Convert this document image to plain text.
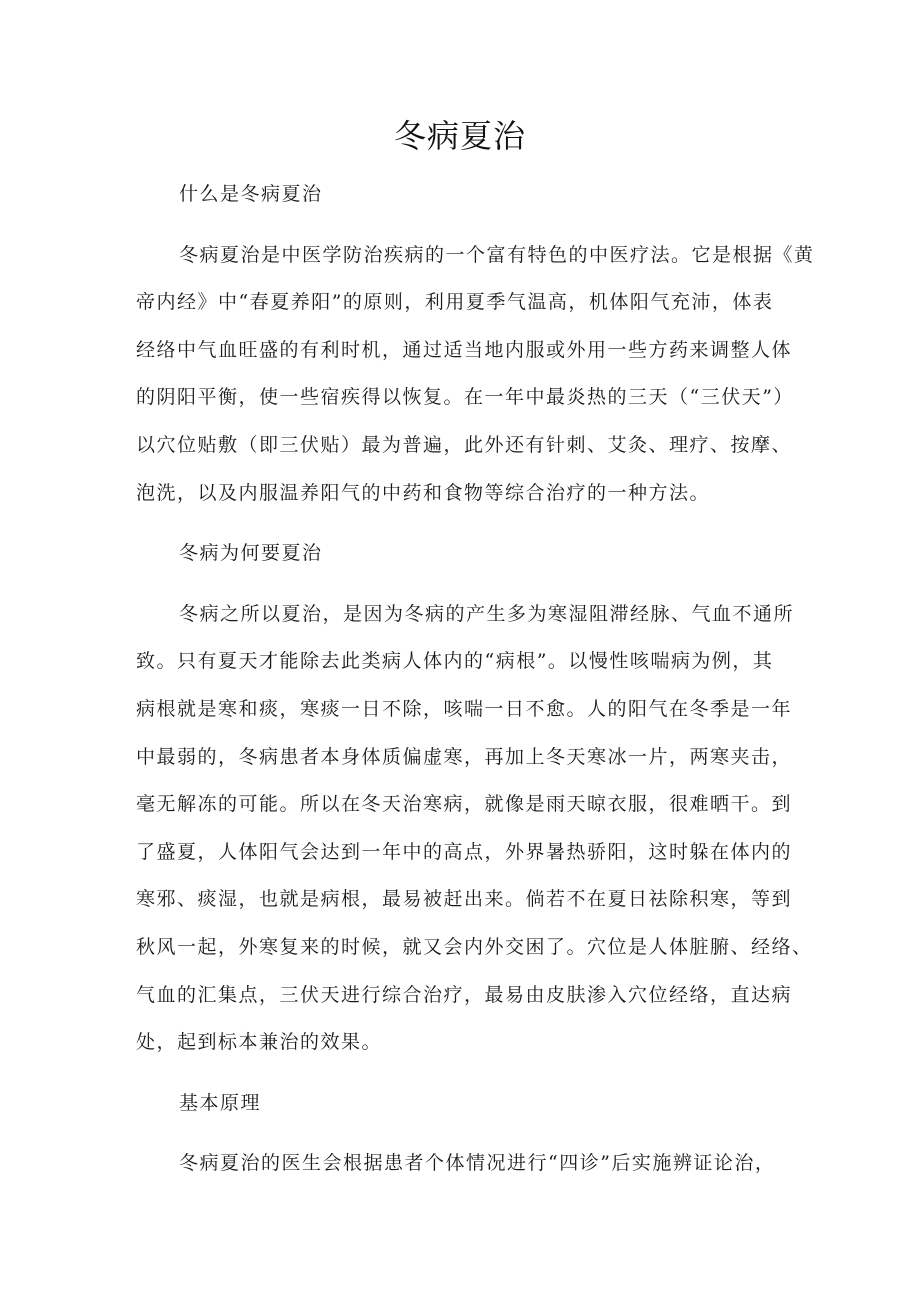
冬病夏治
什么是冬病夏治
冬病夏治是中医学防治疾病的一个富有特色的中医疗法。它是根据《黄
帝内经》中“春夏养阳”的原则，利用夏季气温高，机体阳气充沛，体表
经络中气血旺盛的有利时机，通过适当地内服或外用一些方药来调整人体
的阴阳平衡，使一些宿疾得以恢复。在一年中最炎热的三天（“三伏天”）
以穴位贴敷（即三伏贴）最为普遍，此外还有针刺、艾灸、理疗、按摩、
泡洗，以及内服温养阳气的中药和食物等综合治疗的一种方法。
冬病为何要夏治
冬病之所以夏治，是因为冬病的产生多为寒湿阻滞经脉、气血不通所
致。只有夏天才能除去此类病人体内的“病根”。以慢性咳喘病为例，其
病根就是寒和痰，寒痰一日不除，咳喘一日不愈。人的阳气在冬季是一年
中最弱的，冬病患者本身体质偏虚寒，再加上冬天寒冰一片，两寒夹击，
毫无解冻的可能。所以在冬天治寒病，就像是雨天晾衣服，很难晒干。到
了盛夏，人体阳气会达到一年中的高点，外界暑热骄阳，这时躲在体内的
寒邪、痰湿，也就是病根，最易被赶出来。倘若不在夏日祛除积寒，等到
秋风一起，外寒复来的时候，就又会内外交困了。穴位是人体脏腑、经络、
气血的汇集点，三伏天进行综合治疗，最易由皮肤渗入穴位经络，直达病
处，起到标本兼治的效果。
基本原理
冬病夏治的医生会根据患者个体情况进行“四诊”后实施辨证论治，
